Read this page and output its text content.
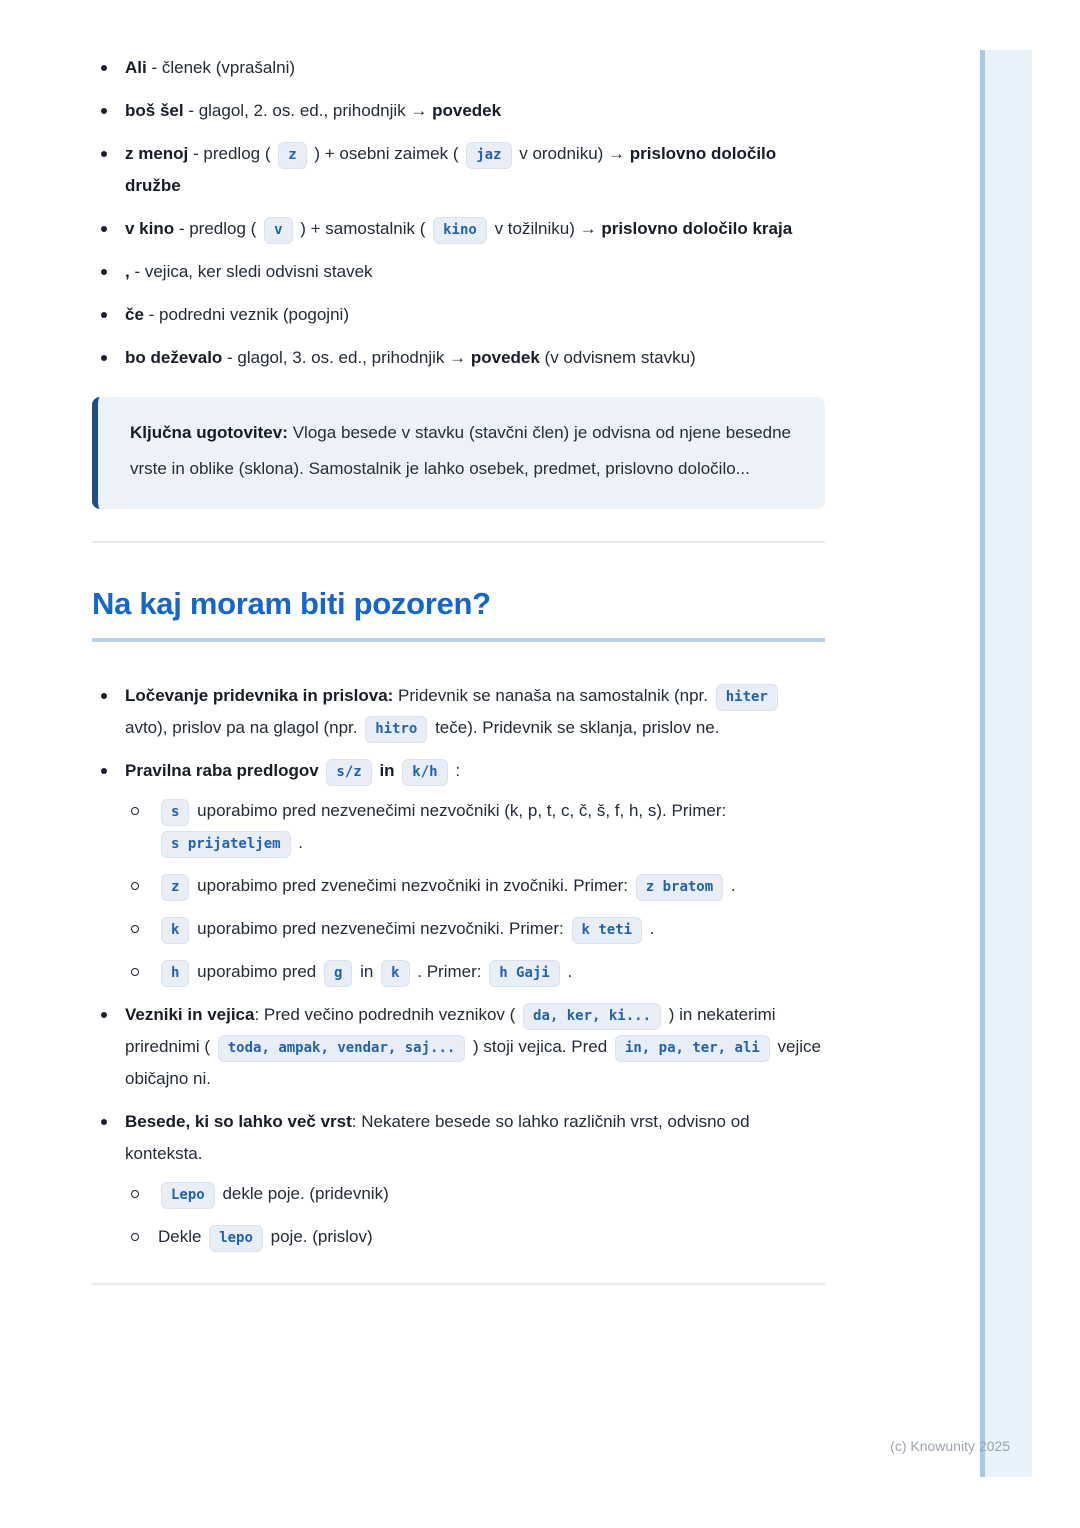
Ali - členek (vprašalni)
boš šel - glagol, 2. os. ed., prihodnjik → povedek
z menoj - predlog ( z ) + osebni zaimek ( jaz v orodniku) → prislovno določilo družbe
v kino - predlog ( v ) + samostalnik ( kino v tožilniku) → prislovno določilo kraja
, - vejica, ker sledi odvisni stavek
če - podredni veznik (pogojni)
bo deževalo - glagol, 3. os. ed., prihodnjik → povedek (v odvisnem stavku)
Ključna ugotovitev: Vloga besede v stavku (stavčni člen) je odvisna od njene besedne vrste in oblike (sklona). Samostalnik je lahko osebek, predmet, prislovno določilo...
Na kaj moram biti pozoren?
Ločevanje pridevnika in prislova: Pridevnik se nanaša na samostalnik (npr. hiter avto), prislov pa na glagol (npr. hitro teče). Pridevnik se sklanja, prislov ne.
Pravilna raba predlogov s/z in k/h :
s uporabimo pred nezvenečimi nezvočniki (k, p, t, c, č, š, f, h, s). Primer: s prijateljem .
z uporabimo pred zvenečimi nezvočniki in zvočniki. Primer: z bratom .
k uporabimo pred nezvenečimi nezvočniki. Primer: k teti .
h uporabimo pred g in k . Primer: h Gaji .
Vezniki in vejica: Pred večino podrednih veznikov ( da, ker, ki... ) in nekaterimi prirednimi ( toda, ampak, vendar, saj... ) stoji vejica. Pred in, pa, ter, ali vejice običajno ni.
Besede, ki so lahko več vrst: Nekatere besede so lahko različnih vrst, odvisno od konteksta.
Lepo dekle poje. (pridevnik)
Dekle lepo poje. (prislov)
(c) Knowunity 2025
